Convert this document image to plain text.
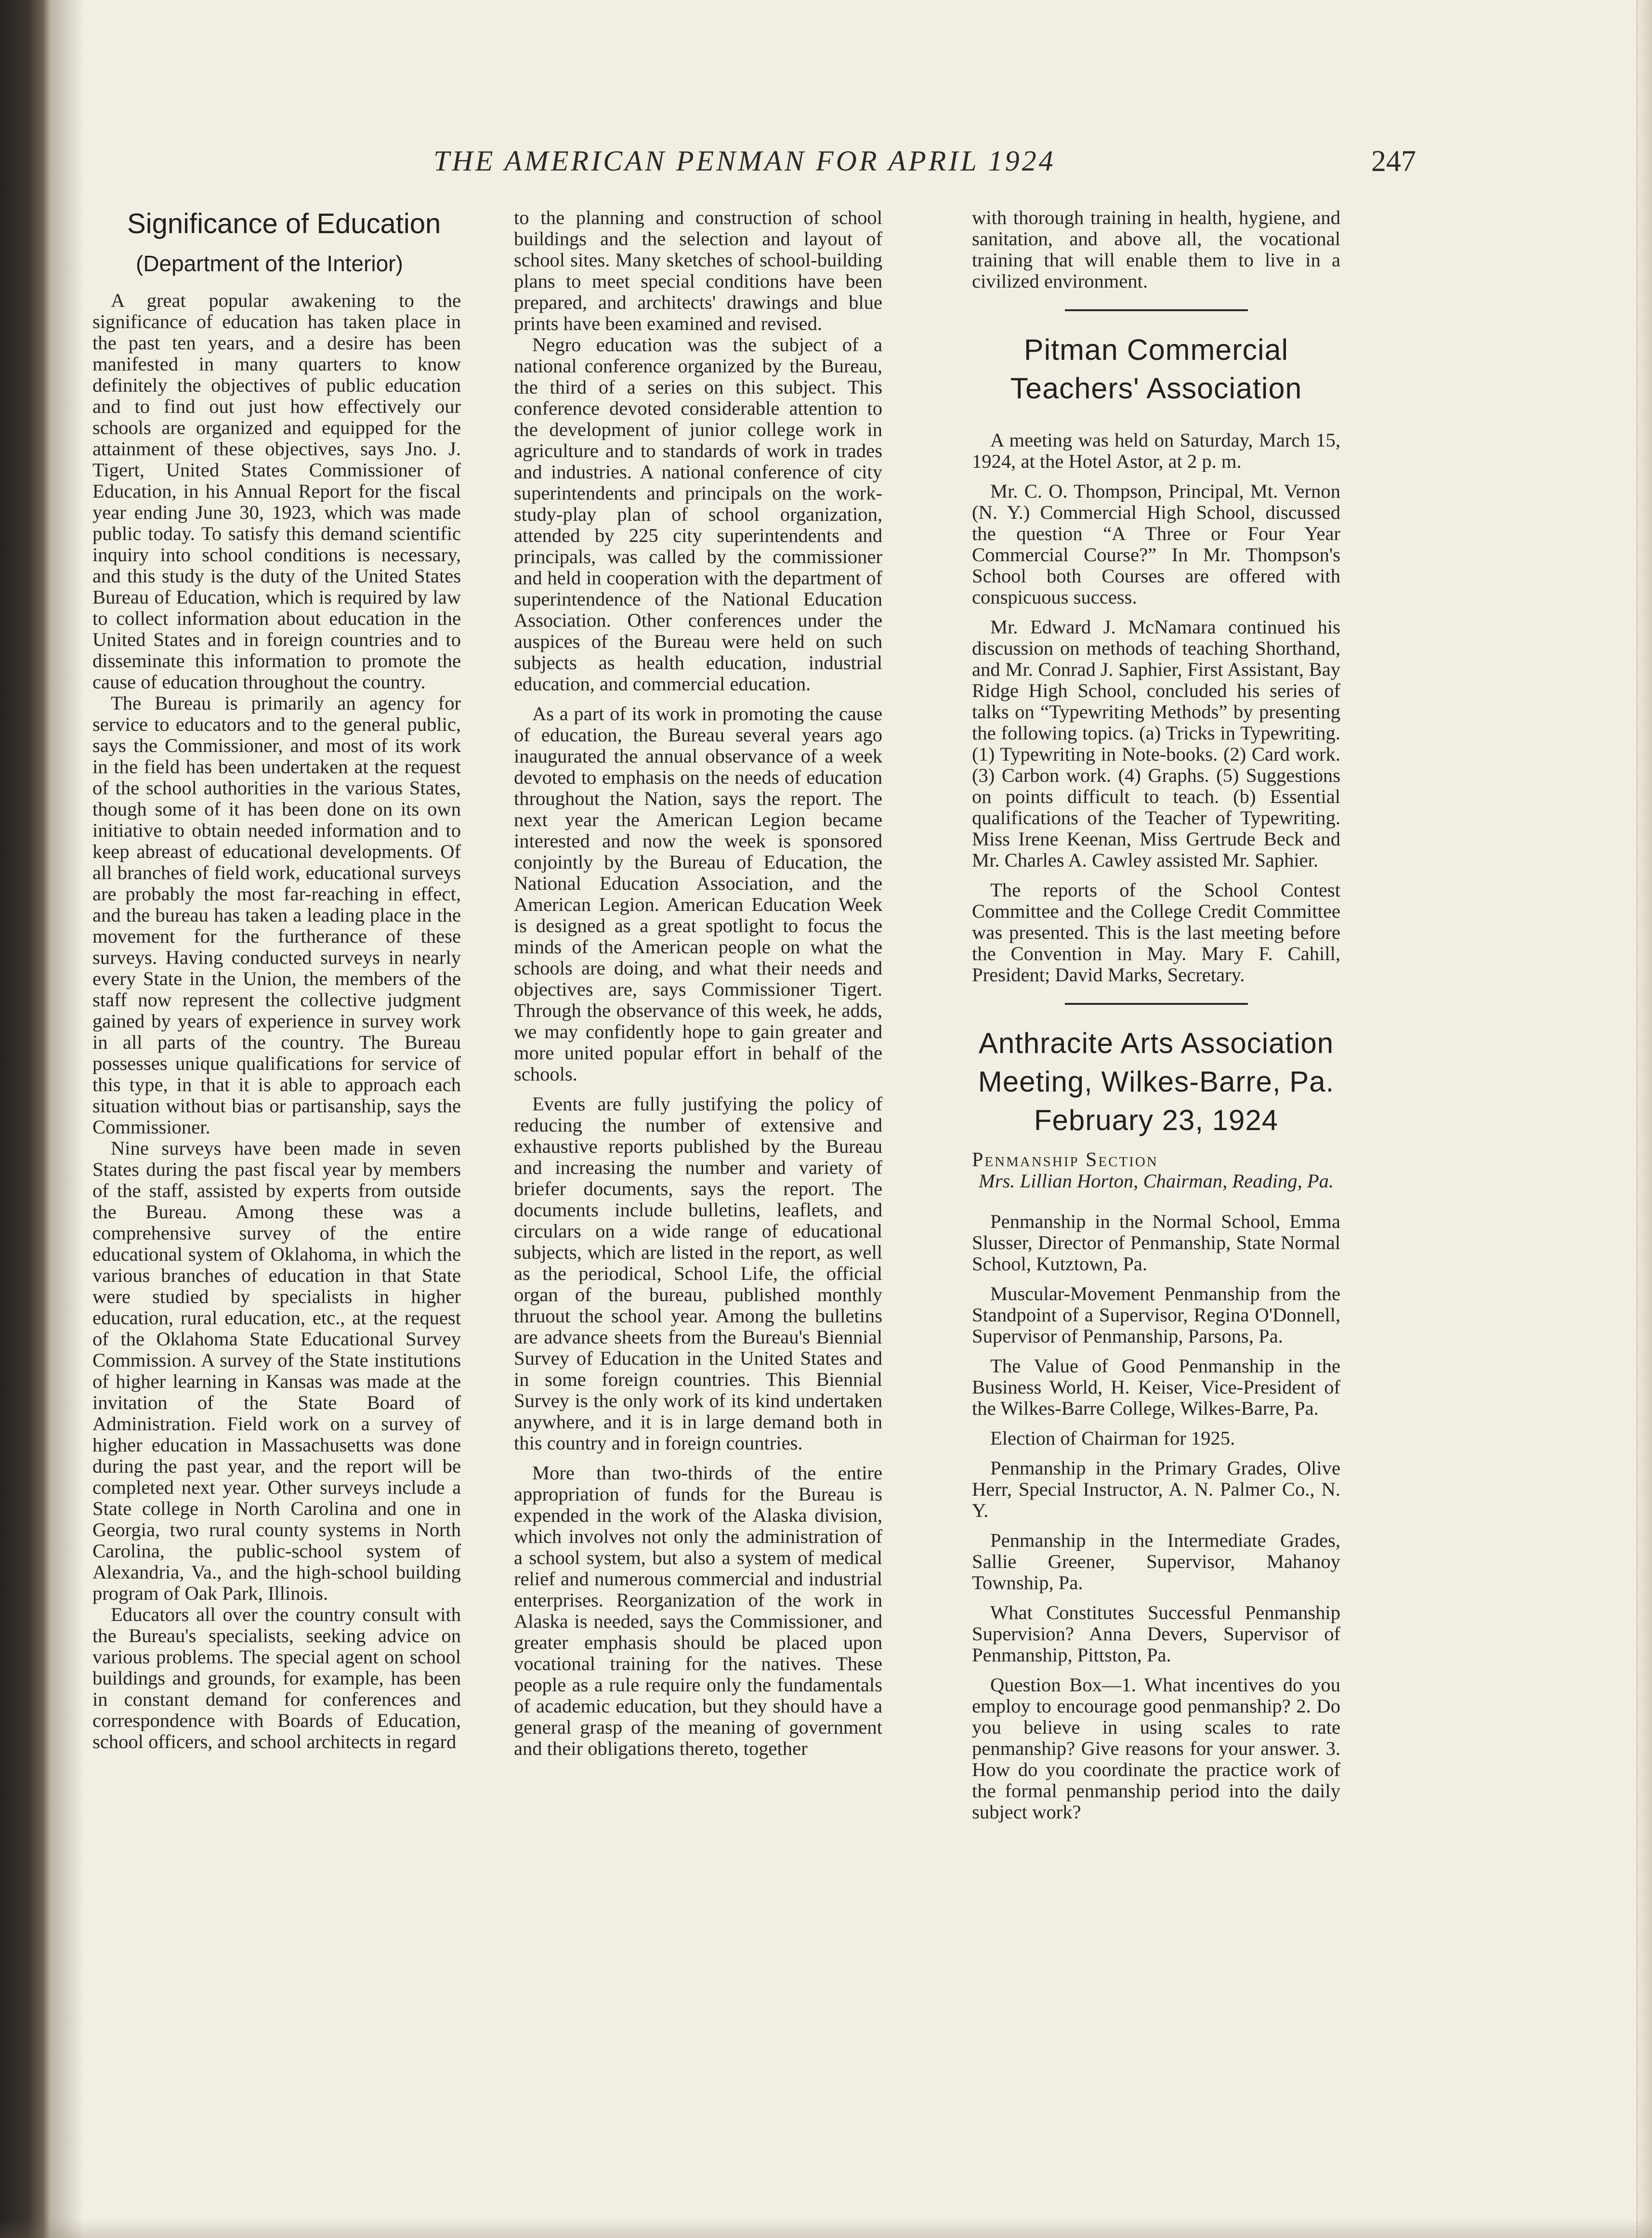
THE AMERICAN PENMAN FOR APRIL 1924	247
Significance of Education
(Department of the Interior)

A great popular awakening to the significance of education has taken place in the past ten years, and a desire has been manifested in many quarters to know definitely the objectives of public education and to find out just how effectively our schools are organized and equipped for the attainment of these objectives, says Jno. J. Tigert, United States Commissioner of Education, in his Annual Report for the fiscal year ending June 30, 1923, which was made public today. To satisfy this demand scientific inquiry into school conditions is necessary, and this study is the duty of the United States Bureau of Education, which is required by law to collect information about education in the United States and in foreign countries and to disseminate this information to promote the cause of education throughout the country.

The Bureau is primarily an agency for service to educators and to the general public, says the Commissioner, and most of its work in the field has been undertaken at the request of the school authorities in the various States, though some of it has been done on its own initiative to obtain needed information and to keep abreast of educational developments. Of all branches of field work, educational surveys are probably the most far-reaching in effect, and the bureau has taken a leading place in the movement for the furtherance of these surveys. Having conducted surveys in nearly every State in the Union, the members of the staff now represent the collective judgment gained by years of experience in survey work in all parts of the country. The Bureau possesses unique qualifications for service of this type, in that it is able to approach each situation without bias or partisanship, says the Commissioner.

Nine surveys have been made in seven States during the past fiscal year by members of the staff, assisted by experts from outside the Bureau. Among these was a comprehensive survey of the entire educational system of Oklahoma, in which the various branches of education in that State were studied by specialists in higher education, rural education, etc., at the request of the Oklahoma State Educational Survey Commission. A survey of the State institutions of higher learning in Kansas was made at the invitation of the State Board of Administration. Field work on a survey of higher education in Massachusetts was done during the past year, and the report will be completed next year. Other surveys include a State college in North Carolina and one in Georgia, two rural county systems in North Carolina, the public-school system of Alexandria, Va., and the high-school building program of Oak Park, Illinois.

Educators all over the country consult with the Bureau's specialists, seeking advice on various problems. The special agent on school buildings and grounds, for example, has been in constant demand for conferences and correspondence with Boards of Education, school officers, and school architects in regard

to the planning and construction of school buildings and the selection and layout of school sites. Many sketches of school-building plans to meet special conditions have been prepared, and architects' drawings and blue prints have been examined and revised.

Negro education was the subject of a national conference organized by the Bureau, the third of a series on this subject. This conference devoted considerable attention to the development of junior college work in agriculture and to standards of work in trades and industries. A national conference of city superintendents and principals on the work-study-play plan of school organization, attended by 225 city superintendents and principals, was called by the commissioner and held in cooperation with the department of superintendence of the National Education Association. Other conferences under the auspices of the Bureau were held on such subjects as health education, industrial education, and commercial education.

As a part of its work in promoting the cause of education, the Bureau several years ago inaugurated the annual observance of a week devoted to emphasis on the needs of education throughout the Nation, says the report. The next year the American Legion became interested and now the week is sponsored conjointly by the Bureau of Education, the National Education Association, and the American Legion. American Education Week is designed as a great spotlight to focus the minds of the American people on what the schools are doing, and what their needs and objectives are, says Commissioner Tigert. Through the observance of this week, he adds, we may confidently hope to gain greater and more united popular effort in behalf of the schools.

Events are fully justifying the policy of reducing the number of extensive and exhaustive reports published by the Bureau and increasing the number and variety of briefer documents, says the report. The documents include bulletins, leaflets, and circulars on a wide range of educational subjects, which are listed in the report, as well as the periodical, School Life, the official organ of the bureau, published monthly thruout the school year. Among the bulletins are advance sheets from the Bureau's Biennial Survey of Education in the United States and in some foreign countries. This Biennial Survey is the only work of its kind undertaken anywhere, and it is in large demand both in this country and in foreign countries.

More than two-thirds of the entire appropriation of funds for the Bureau is expended in the work of the Alaska division, which involves not only the administration of a school system, but also a system of medical relief and numerous commercial and industrial enterprises. Reorganization of the work in Alaska is needed, says the Commissioner, and greater emphasis should be placed upon vocational training for the natives. These people as a rule require only the fundamentals of academic education, but they should have a general grasp of the meaning of government and their obligations thereto, together

with thorough training in health, hygiene, and sanitation, and above all, the vocational training that will enable them to live in a civilized environment.

Pitman Commercial
Teachers' Association

A meeting was held on Saturday, March 15, 1924, at the Hotel Astor, at 2 p. m.

Mr. C. O. Thompson, Principal, Mt. Vernon (N. Y.) Commercial High School, discussed the question “A Three or Four Year Commercial Course?” In Mr. Thompson's School both Courses are offered with conspicuous success.

Mr. Edward J. McNamara continued his discussion on methods of teaching Shorthand, and Mr. Conrad J. Saphier, First Assistant, Bay Ridge High School, concluded his series of talks on “Typewriting Methods” by presenting the following topics. (a) Tricks in Typewriting. (1) Typewriting in Note-books. (2) Card work. (3) Carbon work. (4) Graphs. (5) Suggestions on points difficult to teach. (b) Essential qualifications of the Teacher of Typewriting. Miss Irene Keenan, Miss Gertrude Beck and Mr. Charles A. Cawley assisted Mr. Saphier.

The reports of the School Contest Committee and the College Credit Committee was presented. This is the last meeting before the Convention in May. Mary F. Cahill, President; David Marks, Secretary.

Anthracite Arts Association
Meeting, Wilkes-Barre, Pa.
February 23, 1924

Penmanship Section

Mrs. Lillian Horton, Chairman, Reading, Pa.

Penmanship in the Normal School, Emma Slusser, Director of Penmanship, State Normal School, Kutztown, Pa.

Muscular-Movement Penmanship from the Standpoint of a Supervisor, Regina O'Donnell, Supervisor of Penmanship, Parsons, Pa.

The Value of Good Penmanship in the Business World, H. Keiser, Vice-President of the Wilkes-Barre College, Wilkes-Barre, Pa.

Election of Chairman for 1925.

Penmanship in the Primary Grades, Olive Herr, Special Instructor, A. N. Palmer Co., N. Y.

Penmanship in the Intermediate Grades, Sallie Greener, Supervisor, Mahanoy Township, Pa.

What Constitutes Successful Penmanship Supervision? Anna Devers, Supervisor of Penmanship, Pittston, Pa.

Question Box—1. What incentives do you employ to encourage good penmanship? 2. Do you believe in using scales to rate penmanship? Give reasons for your answer. 3. How do you coordinate the practice work of the formal penmanship period into the daily subject work?
